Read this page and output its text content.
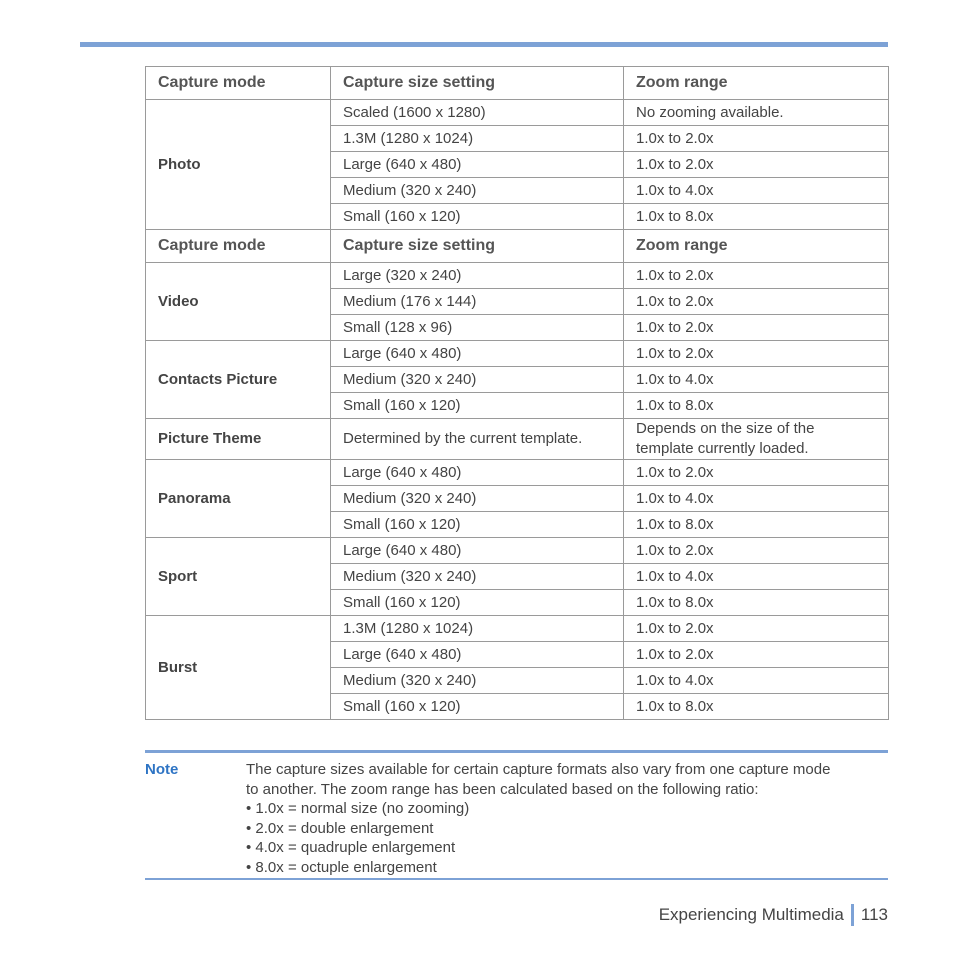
Capture mode	Capture size setting	Zoom range
Photo	Scaled (1600 x 1280)	No zooming available.
	1.3M (1280 x 1024)	1.0x to 2.0x
	Large (640 x 480)	1.0x to 2.0x
	Medium (320 x 240)	1.0x to 4.0x
	Small (160 x 120)	1.0x to 8.0x
Capture mode	Capture size setting	Zoom range
Video	Large (320 x 240)	1.0x to 2.0x
	Medium (176 x 144)	1.0x to 2.0x
	Small (128 x 96)	1.0x to 2.0x
Contacts Picture	Large (640 x 480)	1.0x to 2.0x
	Medium (320 x 240)	1.0x to 4.0x
	Small (160 x 120)	1.0x to 8.0x
Picture Theme	Determined by the current template.	Depends on the size of the
template currently loaded.
Panorama	Large (640 x 480)	1.0x to 2.0x
	Medium (320 x 240)	1.0x to 4.0x
	Small (160 x 120)	1.0x to 8.0x
Sport	Large (640 x 480)	1.0x to 2.0x
	Medium (320 x 240)	1.0x to 4.0x
	Small (160 x 120)	1.0x to 8.0x
Burst	1.3M (1280 x 1024)	1.0x to 2.0x
	Large (640 x 480)	1.0x to 2.0x
	Medium (320 x 240)	1.0x to 4.0x
	Small (160 x 120)	1.0x to 8.0x
Note	The capture sizes available for certain capture formats also vary from one capture mode
to another. The zoom range has been calculated based on the following ratio:
• 1.0x = normal size (no zooming)
• 2.0x = double enlargement
• 4.0x = quadruple enlargement
• 8.0x = octuple enlargement
Experiencing Multimedia 113
